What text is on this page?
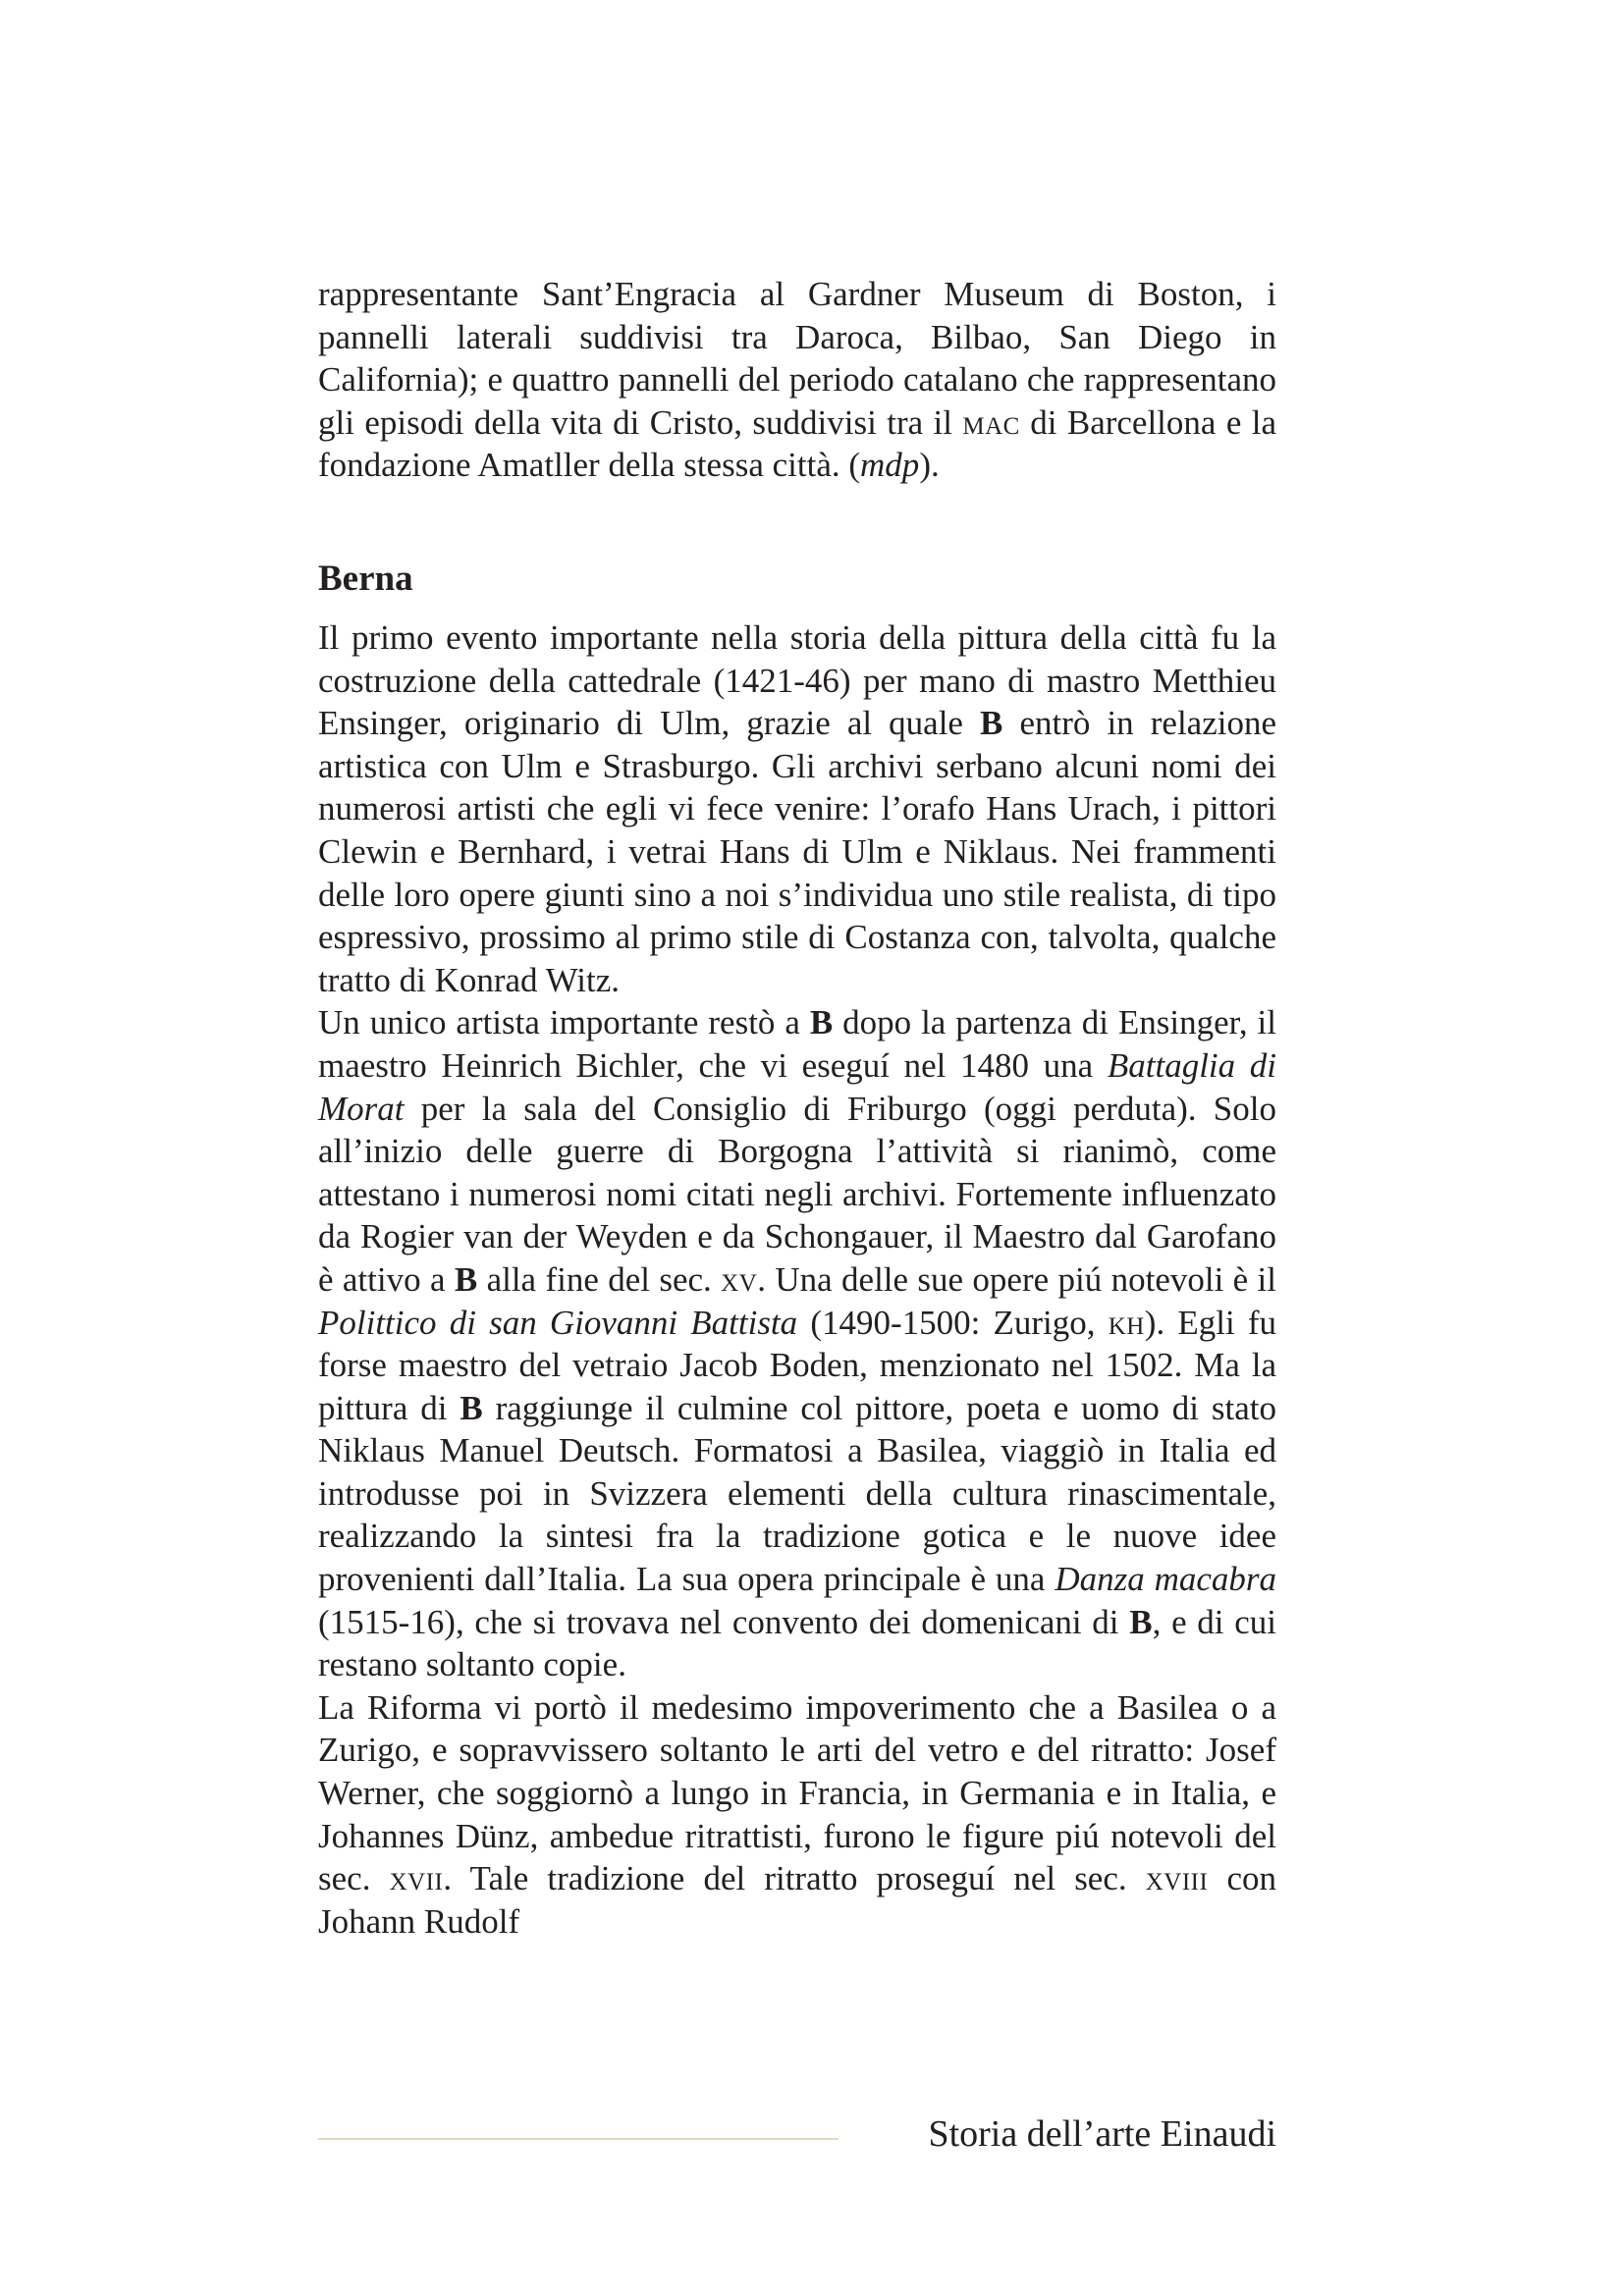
rappresentante Sant’Engracia al Gardner Museum di Boston, i pannelli laterali suddivisi tra Daroca, Bilbao, San Diego in California); e quattro pannelli del periodo catalano che rappresentano gli episodi della vita di Cristo, suddivisi tra il mac di Barcellona e la fondazione Amatller della stessa città. (mdp).

Berna

Il primo evento importante nella storia della pittura della città fu la costruzione della cattedrale (1421-46) per mano di mastro Metthieu Ensinger, originario di Ulm, grazie al quale B entrò in relazione artistica con Ulm e Strasburgo. Gli archivi serbano alcuni nomi dei numerosi artisti che egli vi fece venire: l’orafo Hans Urach, i pittori Clewin e Bernhard, i vetrai Hans di Ulm e Niklaus. Nei frammenti delle loro opere giunti sino a noi s’individua uno stile realista, di tipo espressivo, prossimo al primo stile di Costanza con, talvolta, qualche tratto di Konrad Witz.

Un unico artista importante restò a B dopo la partenza di Ensinger, il maestro Heinrich Bichler, che vi eseguí nel 1480 una Battaglia di Morat per la sala del Consiglio di Friburgo (oggi perduta). Solo all’inizio delle guerre di Borgogna l’attività si rianimò, come attestano i numerosi nomi citati negli archivi. Fortemente influenzato da Rogier van der Weyden e da Schongauer, il Maestro dal Garofano è attivo a B alla fine del sec. xv. Una delle sue opere piú notevoli è il Polittico di san Giovanni Battista (1490-1500: Zurigo, kh). Egli fu forse maestro del vetraio Jacob Boden, menzionato nel 1502. Ma la pittura di B raggiunge il culmine col pittore, poeta e uomo di stato Niklaus Manuel Deutsch. Formatosi a Basilea, viaggiò in Italia ed introdusse poi in Svizzera elementi della cultura rinascimentale, realizzando la sintesi fra la tradizione gotica e le nuove idee provenienti dall’Italia. La sua opera principale è una Danza macabra (1515-16), che si trovava nel convento dei domenicani di B, e di cui restano soltanto copie.

La Riforma vi portò il medesimo impoverimento che a Basilea o a Zurigo, e sopravvissero soltanto le arti del vetro e del ritratto: Josef Werner, che soggiornò a lungo in Francia, in Germania e in Italia, e Johannes Dünz, ambedue ritrattisti, furono le figure piú notevoli del sec. xvii. Tale tradizione del ritratto proseguí nel sec. xviii con Johann Rudolf

Storia dell’arte Einaudi
